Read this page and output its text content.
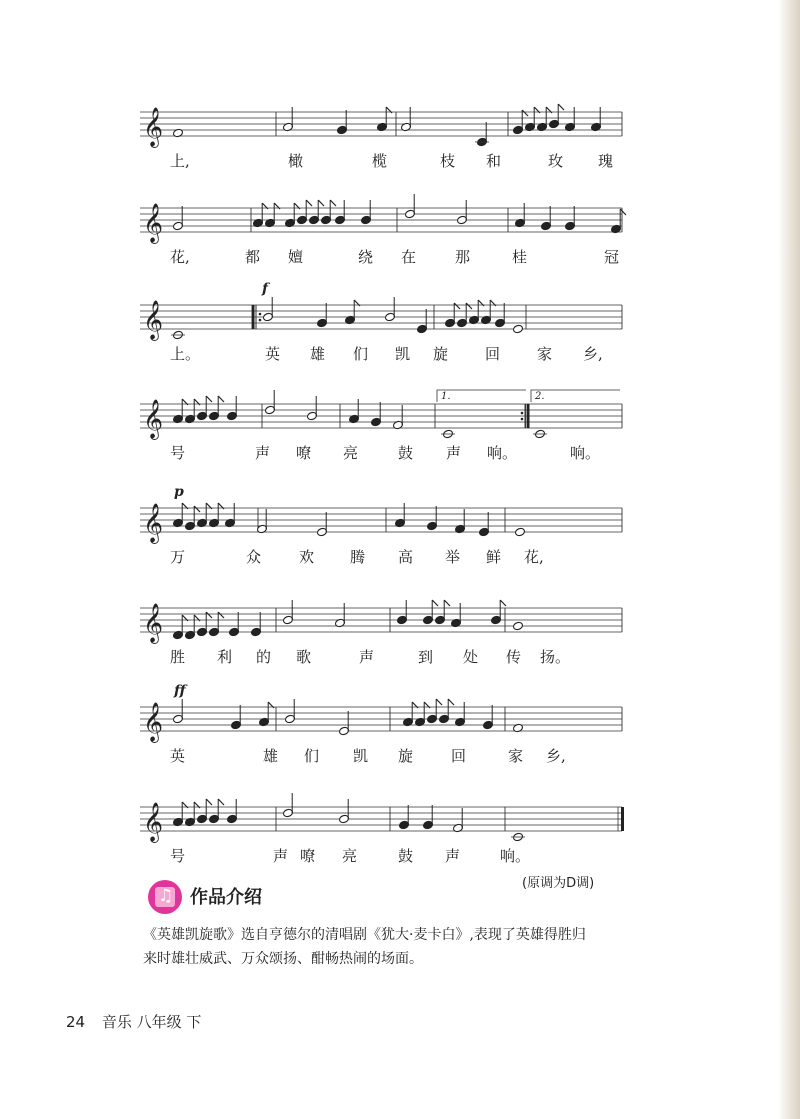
𝄞
𝄞
𝄞
f
𝄞
1.	2.
𝄞
p
𝄞
𝄞
ff
𝄞
上,	橄	榄	枝 和	玫 瑰
花,	都 嬗	绕 在	那	桂	冠
上。	英 雄 们 凯 旋 回 家 乡,
号	声 嘹 亮	鼓 声 响。	响。
万	众	欢 腾 高 举 鲜 花,
胜 利 的 歌	声	到 处 传 扬。
英	雄 们 凯 旋	回	家 乡,
号	声 嘹 亮	鼓 声	响。
♫ 作品介绍
(原调为D调)
《英雄凯旋歌》选自亨德尔的清唱剧《犹大·麦卡白》,表现了英雄得胜归
来时雄壮威武、万众颂扬、酣畅热闹的场面。
24 音乐 八年级 下
